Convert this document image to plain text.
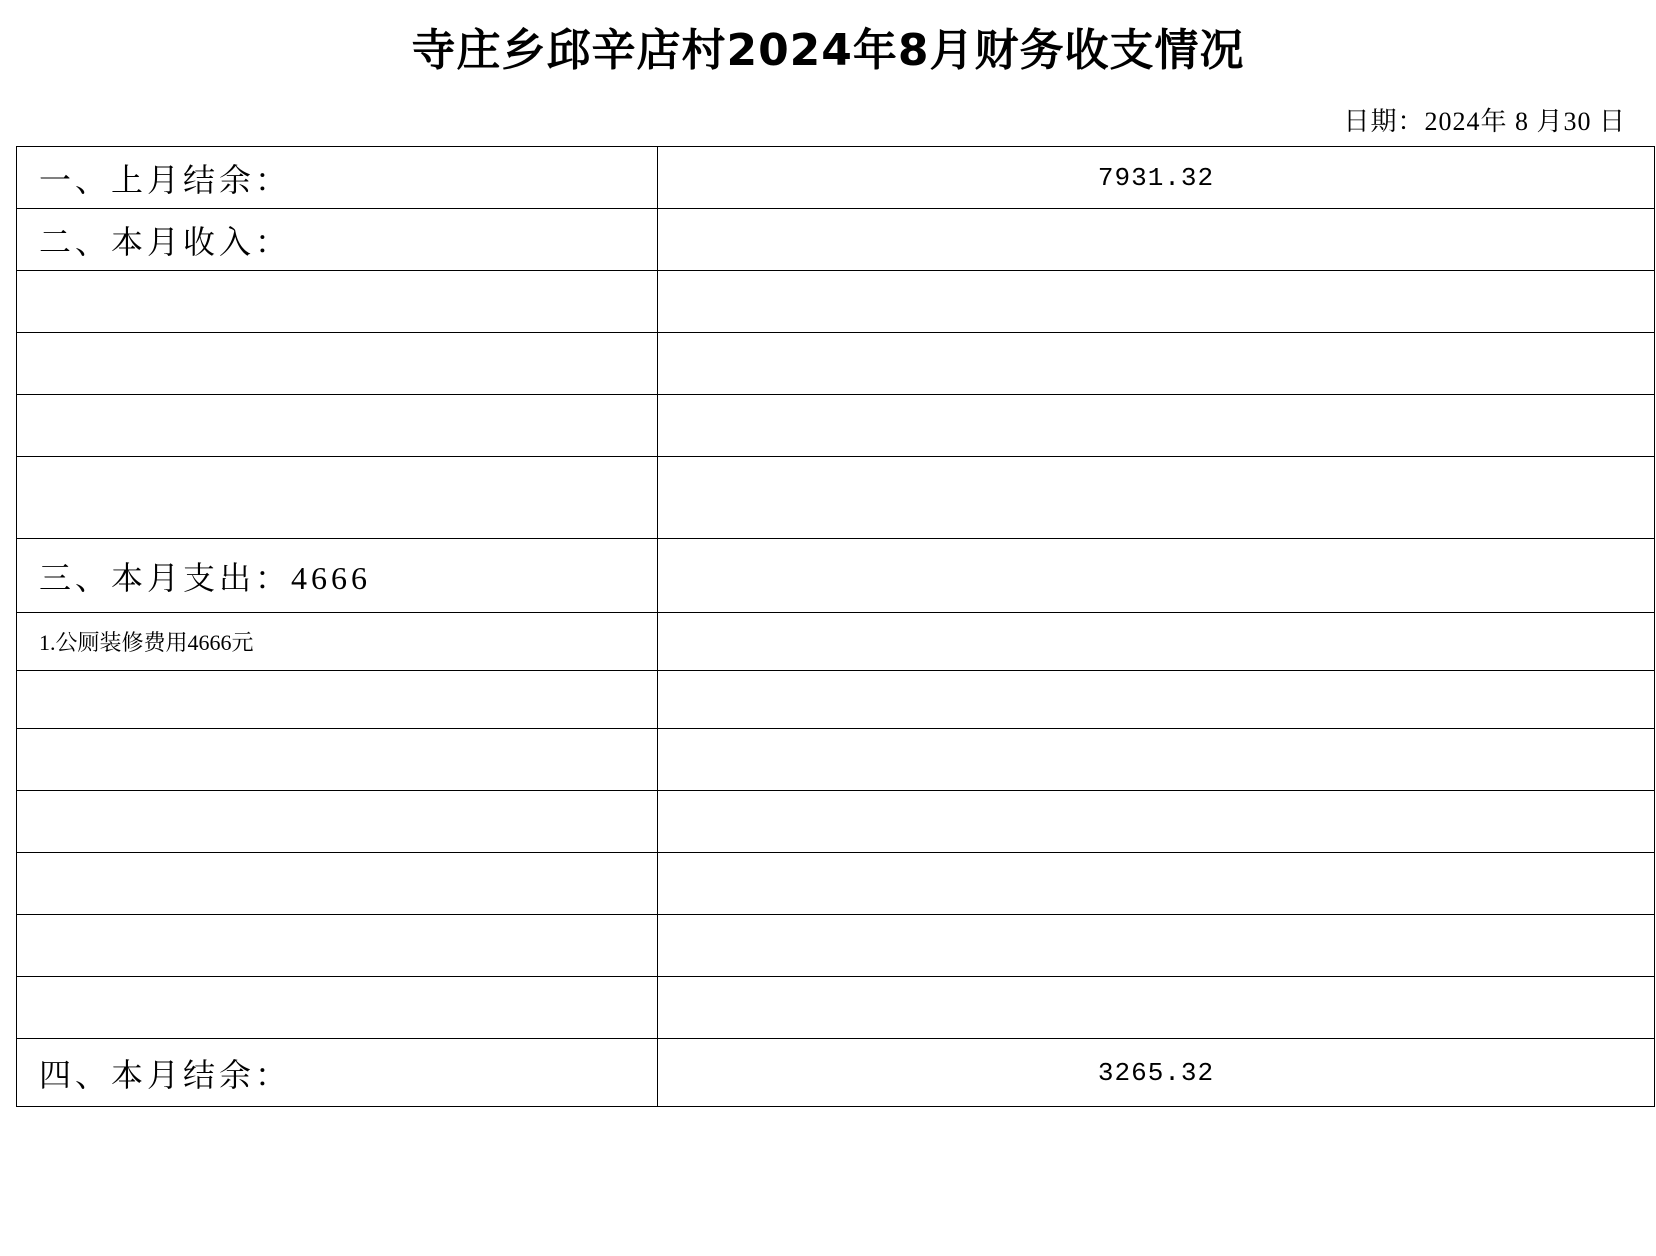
寺庄乡邱辛店村2024年8月财务收支情况
日期：2024年 8 月30 日
一、上月结余：	7931.32
二、本月收入：	

三、本月支出：4666	
1.公厕装修费用4666元	

四、本月结余：	3265.32
